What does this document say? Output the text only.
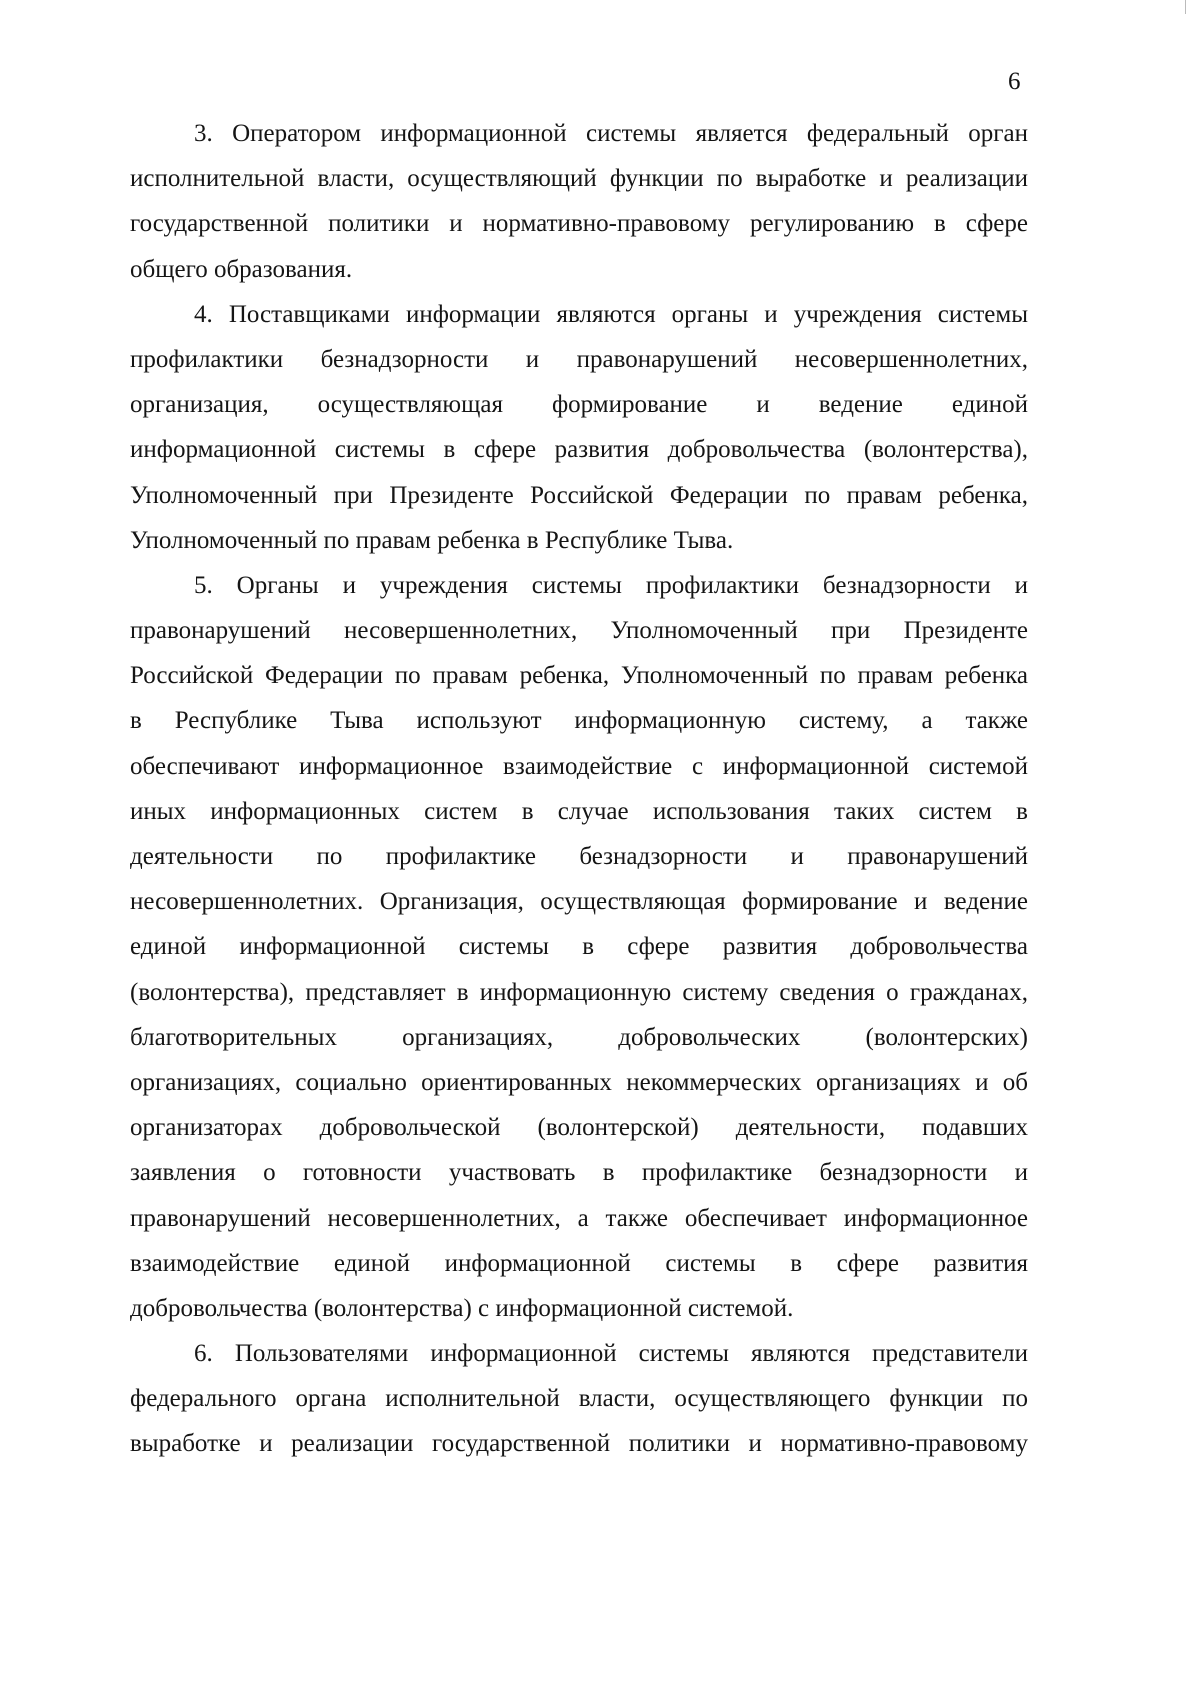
6
3. Оператором информационной системы является федеральный орган
исполнительной власти, осуществляющий функции по выработке и реализации
государственной политики и нормативно-правовому регулированию в сфере
общего образования.
4. Поставщиками информации являются органы и учреждения системы
профилактики безнадзорности и правонарушений несовершеннолетних,
организация, осуществляющая формирование и ведение единой
информационной системы в сфере развития добровольчества (волонтерства),
Уполномоченный при Президенте Российской Федерации по правам ребенка,
Уполномоченный по правам ребенка в Республике Тыва.
5. Органы и учреждения системы профилактики безнадзорности и
правонарушений несовершеннолетних, Уполномоченный при Президенте
Российской Федерации по правам ребенка, Уполномоченный по правам ребенка
в Республике Тыва используют информационную систему, а также
обеспечивают информационное взаимодействие с информационной системой
иных информационных систем в случае использования таких систем в
деятельности по профилактике безнадзорности и правонарушений
несовершеннолетних. Организация, осуществляющая формирование и ведение
единой информационной системы в сфере развития добровольчества
(волонтерства), представляет в информационную систему сведения о гражданах,
благотворительных организациях, добровольческих (волонтерских)
организациях, социально ориентированных некоммерческих организациях и об
организаторах добровольческой (волонтерской) деятельности, подавших
заявления о готовности участвовать в профилактике безнадзорности и
правонарушений несовершеннолетних, а также обеспечивает информационное
взаимодействие единой информационной системы в сфере развития
добровольчества (волонтерства) с информационной системой.
6. Пользователями информационной системы являются представители
федерального органа исполнительной власти, осуществляющего функции по
выработке и реализации государственной политики и нормативно-правовому
